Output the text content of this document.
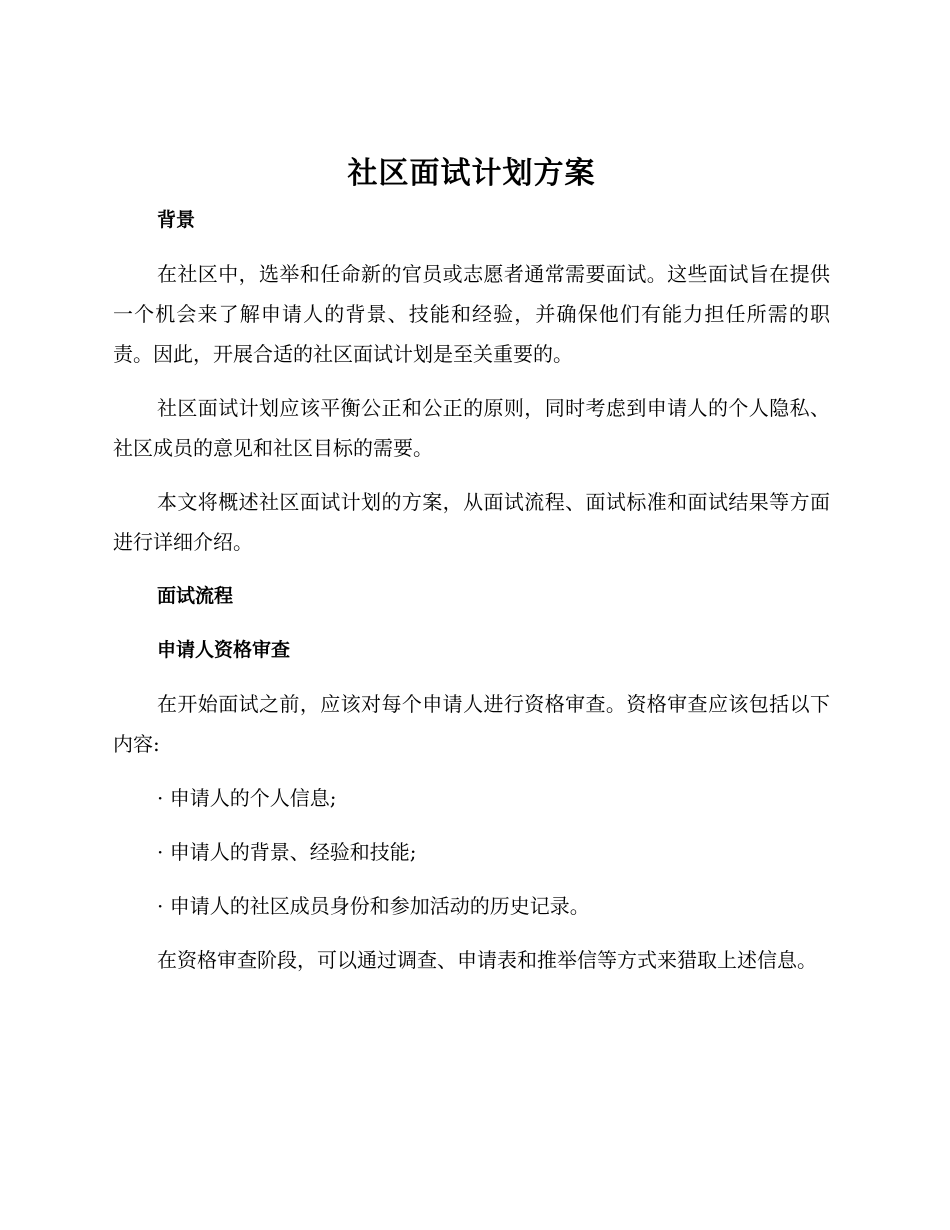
社区面试计划方案
背景

在社区中，选举和任命新的官员或志愿者通常需要面试。这些面试旨在提供一个机会来了解申请人的背景、技能和经验，并确保他们有能力担任所需的职责。因此，开展合适的社区面试计划是至关重要的。

社区面试计划应该平衡公正和公正的原则，同时考虑到申请人的个人隐私、社区成员的意见和社区目标的需要。

本文将概述社区面试计划的方案，从面试流程、面试标准和面试结果等方面进行详细介绍。

面试流程
申请人资格审查

在开始面试之前，应该对每个申请人进行资格审查。资格审查应该包括以下内容:

· 申请人的个人信息;

· 申请人的背景、经验和技能;

· 申请人的社区成员身份和参加活动的历史记录。

在资格审查阶段，可以通过调查、申请表和推举信等方式来猎取上述信息。
